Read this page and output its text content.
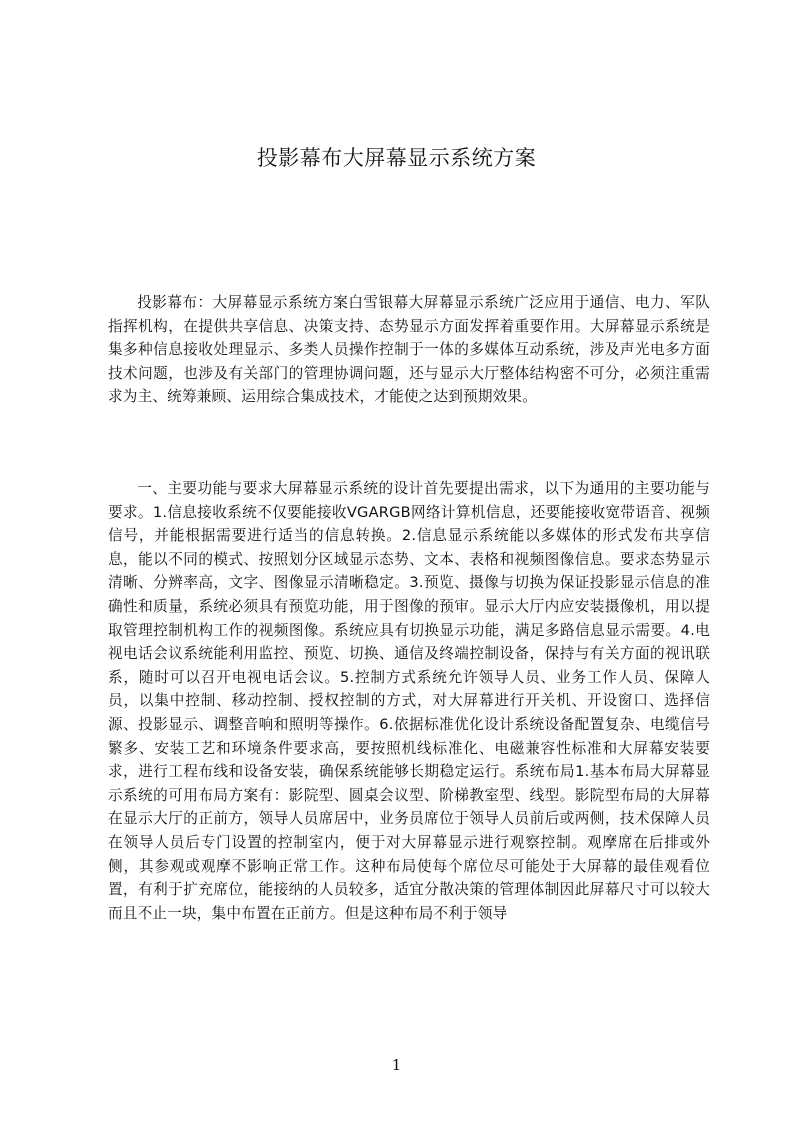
投影幕布大屏幕显示系统方案

投影幕布：大屏幕显示系统方案白雪银幕大屏幕显示系统广泛应用于通信、电力、军队指挥机构，在提供共享信息、决策支持、态势显示方面发挥着重要作用。大屏幕显示系统是集多种信息接收处理显示、多类人员操作控制于一体的多媒体互动系统，涉及声光电多方面技术问题，也涉及有关部门的管理协调问题，还与显示大厅整体结构密不可分，必须注重需求为主、统筹兼顾、运用综合集成技术，才能使之达到预期效果。

一、主要功能与要求大屏幕显示系统的设计首先要提出需求，以下为通用的主要功能与要求。1.信息接收系统不仅要能接收VGARGB网络计算机信息，还要能接收宽带语音、视频信号，并能根据需要进行适当的信息转换。2.信息显示系统能以多媒体的形式发布共享信息，能以不同的模式、按照划分区域显示态势、文本、表格和视频图像信息。要求态势显示清晰、分辨率高，文字、图像显示清晰稳定。3.预览、摄像与切换为保证投影显示信息的准确性和质量，系统必须具有预览功能，用于图像的预审。显示大厅内应安装摄像机，用以提取管理控制机构工作的视频图像。系统应具有切换显示功能，满足多路信息显示需要。4.电视电话会议系统能利用监控、预览、切换、通信及终端控制设备，保持与有关方面的视讯联系，随时可以召开电视电话会议。5.控制方式系统允许领导人员、业务工作人员、保障人员，以集中控制、移动控制、授权控制的方式，对大屏幕进行开关机、开设窗口、选择信源、投影显示、调整音响和照明等操作。6.依据标准优化设计系统设备配置复杂、电缆信号繁多、安装工艺和环境条件要求高，要按照机线标准化、电磁兼容性标准和大屏幕安装要求，进行工程布线和设备安装，确保系统能够长期稳定运行。系统布局1.基本布局大屏幕显示系统的可用布局方案有：影院型、圆桌会议型、阶梯教室型、线型。影院型布局的大屏幕在显示大厅的正前方，领导人员席居中，业务员席位于领导人员前后或两侧，技术保障人员在领导人员后专门设置的控制室内，便于对大屏幕显示进行观察控制。观摩席在后排或外侧，其参观或观摩不影响正常工作。这种布局使每个席位尽可能处于大屏幕的最佳观看位置，有利于扩充席位，能接纳的人员较多，适宜分散决策的管理体制因此屏幕尺寸可以较大而且不止一块，集中布置在正前方。但是这种布局不利于领导

1
